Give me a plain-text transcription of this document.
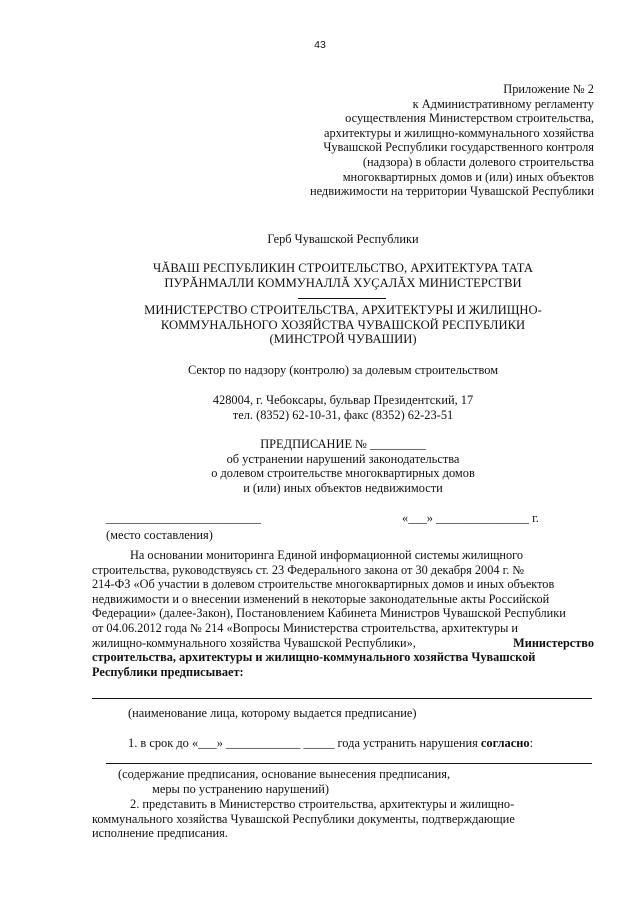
43
Приложение № 2
к Административному регламенту
осуществления Министерством строительства,
архитектуры и жилищно-коммунального хозяйства
Чувашской Республики государственного контроля
(надзора) в области долевого строительства
многоквартирных домов и (или) иных объектов
недвижимости на территории Чувашской Республики
Герб Чувашской Республики
ЧĂВАШ РЕСПУБЛИКИН СТРОИТЕЛЬСТВО, АРХИТЕКТУРА ТАТА
ПУРĂНМАЛЛИ КОММУНАЛЛĂ ХУÇАЛĂХ МИНИСТЕРСТВИ
МИНИСТЕРСТВО СТРОИТЕЛЬСТВА, АРХИТЕКТУРЫ И ЖИЛИЩНО-
КОММУНАЛЬНОГО ХОЗЯЙСТВА ЧУВАШСКОЙ РЕСПУБЛИКИ
(МИНСТРОЙ ЧУВАШИИ)
Сектор по надзору (контролю) за долевым строительством
428004, г. Чебоксары, бульвар Президентский, 17
тел. (8352) 62-10-31, факс (8352) 62-23-51
ПРЕДПИСАНИЕ № _________
об устранении нарушений законодательства
о долевом строительстве многоквартирных домов
и (или) иных объектов недвижимости
_________________________	«___» _______________ г.
(место составления)
На основании мониторинга Единой информационной системы жилищного
строительства, руководствуясь ст. 23 Федерального закона от 30 декабря 2004 г. №
214-ФЗ «Об участии в долевом строительстве многоквартирных домов и иных объектов
недвижимости и о внесении изменений в некоторые законодательные акты Российской
Федерации» (далее-Закон), Постановлением Кабинета Министров Чувашской Республики
от 04.06.2012 года № 214 «Вопросы Министерства строительства, архитектуры и
жилищно-коммунального хозяйства Чувашской Республики»,	Министерство
строительства, архитектуры и жилищно-коммунального хозяйства Чувашской
Республики предписывает:
(наименование лица, которому выдается предписание)
1. в срок до «___» ____________ _____ года устранить нарушения согласно:
(содержание предписания, основание вынесения предписания,
меры по устранению нарушений)
2. представить в Министерство строительства, архитектуры и жилищно-
коммунального хозяйства Чувашской Республики документы, подтверждающие
исполнение предписания.
